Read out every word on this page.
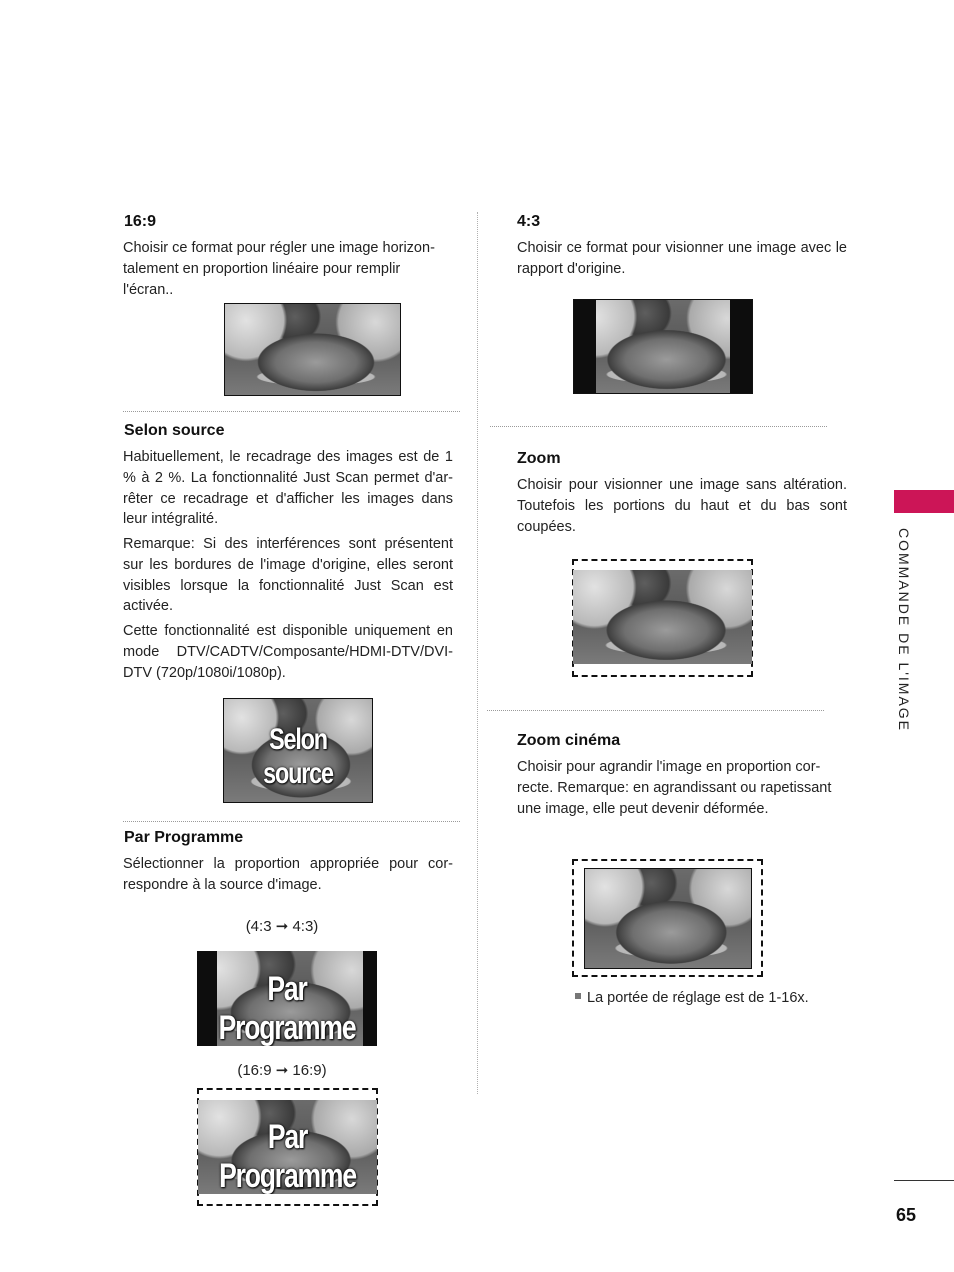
16:9

Choisir ce format pour régler une image horizon-
talement en proportion linéaire pour remplir
l'écran..

Selon source

Habituellement, le recadrage des images est de 1 % à 2 %. La fonctionnalité Just Scan permet d'ar-rêter ce recadrage et d'afficher les images dans leur intégralité.

Remarque: Si des interférences sont présentent sur les bordures de l'image d'origine, elles seront visibles lorsque la fonctionnalité Just Scan est activée.

Cette fonctionnalité est disponible uniquement en mode DTV/CADTV/Composante/HDMI-DTV/DVI-DTV (720p/1080i/1080p).

Selon source
Par Programme

Sélectionner la proportion appropriée pour cor-respondre à la source d'image.

(4:3 ➞ 4:3)
Par Programme
(16:9 ➞ 16:9)
Par Programme
4:3

Choisir ce format pour visionner une image avec le rapport d'origine.

Zoom

Choisir pour visionner une image sans altération. Toutefois les portions du haut et du bas sont coupées.

Zoom cinéma

Choisir pour agrandir l'image en proportion cor-recte. Remarque: en agrandissant ou rapetissant une image, elle peut devenir déformée.

La portée de réglage est de 1-16x.
COMMANDE DE L'IMAGE
65
